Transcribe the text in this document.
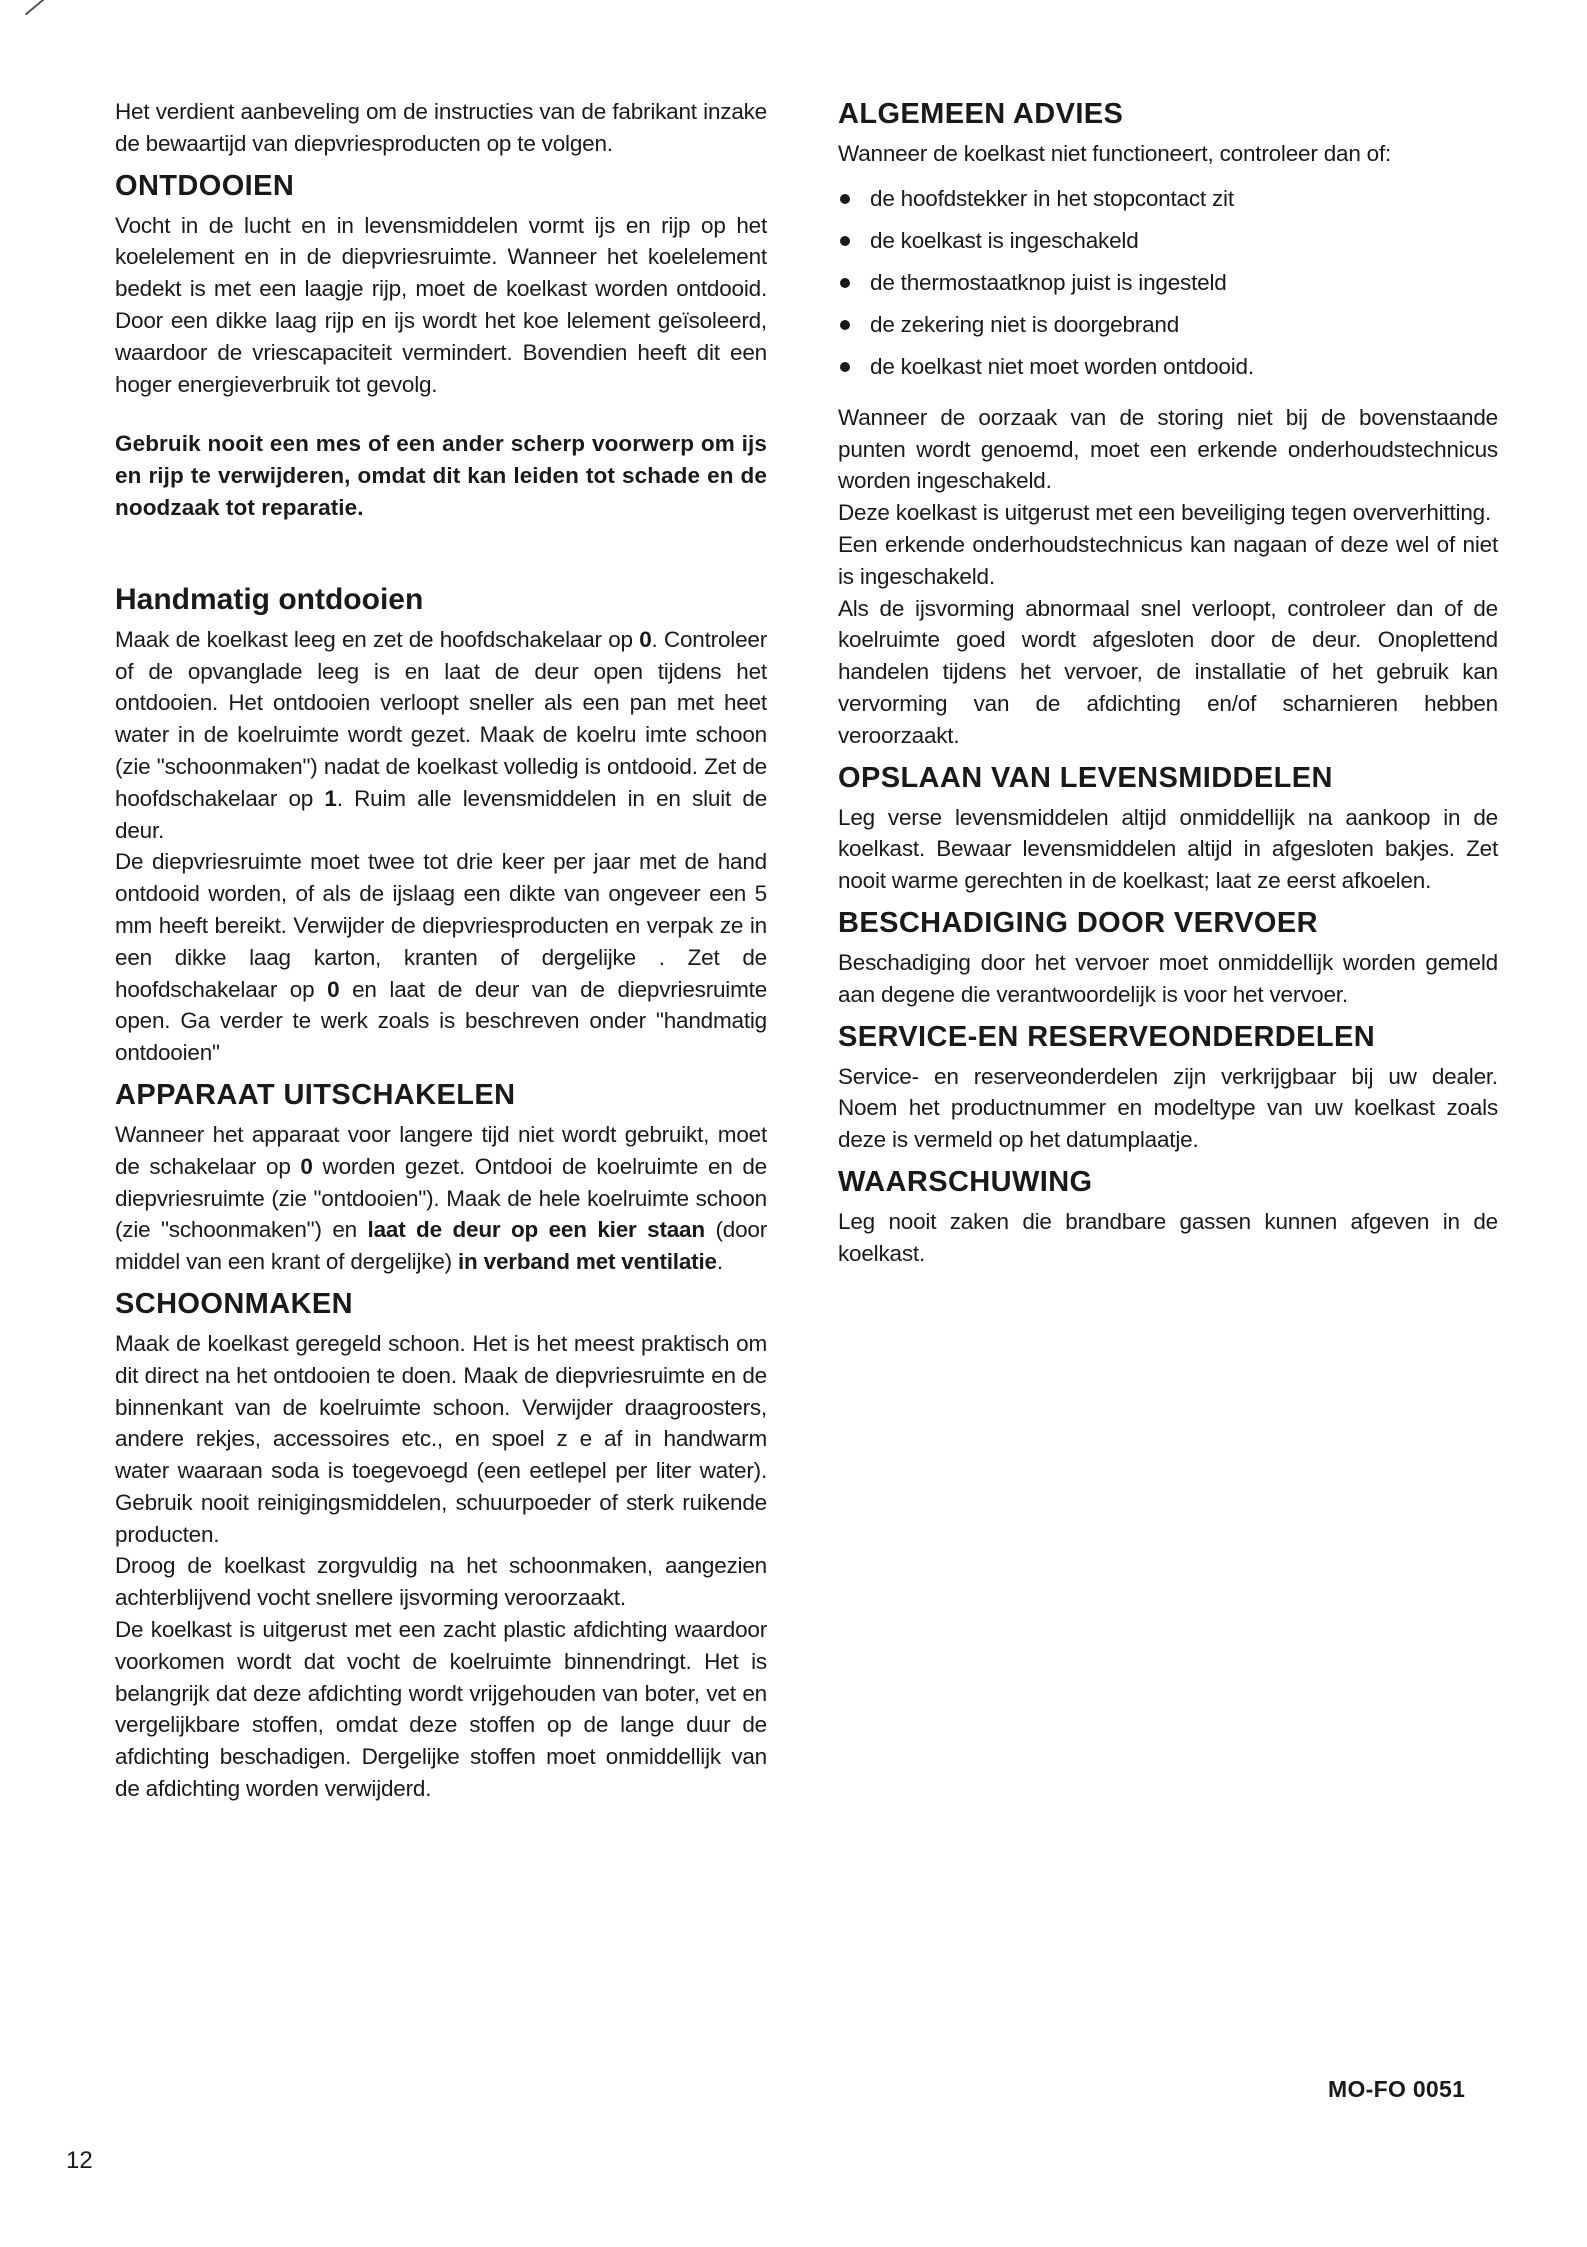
Het verdient aanbeveling om de instructies van de fabrikant inzake de bewaartijd van diepvriesproducten op te volgen.

ONTDOOIEN

Vocht in de lucht en in levensmiddelen vormt ijs en rijp op het koelelement en in de diepvriesruimte. Wanneer het koelelement bedekt is met een laagje rijp, moet de koelkast worden ontdooid. Door een dikke laag rijp en ijs wordt het koe lelement geïsoleerd, waardoor de vriescapaciteit vermindert. Bovendien heeft dit een hoger energieverbruik tot gevolg.

Gebruik nooit een mes of een ander scherp voorwerp om ijs en rijp te verwijderen, omdat dit kan leiden tot schade en de noodzaak tot reparatie.

Handmatig ontdooien

Maak de koelkast leeg en zet de hoofdschakelaar op 0. Controleer of de opvanglade leeg is en laat de deur open tijdens het ontdooien. Het ontdooien verloopt sneller als een pan met heet water in de koelruimte wordt gezet. Maak de koelru imte schoon (zie "schoonmaken") nadat de koelkast volledig is ontdooid. Zet de hoofdschakelaar op 1. Ruim alle levensmiddelen in en sluit de deur.

De diepvriesruimte moet twee tot drie keer per jaar met de hand ontdooid worden, of als de ijslaag een dikte van ongeveer een 5 mm heeft bereikt. Verwijder de diepvriesproducten en verpak ze in een dikke laag karton, kranten of dergelijke . Zet de hoofdschakelaar op 0 en laat de deur van de diepvriesruimte open. Ga verder te werk zoals is beschreven onder "handmatig ontdooien"

APPARAAT UITSCHAKELEN

Wanneer het apparaat voor langere tijd niet wordt gebruikt, moet de schakelaar op 0 worden gezet. Ontdooi de koelruimte en de diepvriesruimte (zie "ontdooien"). Maak de hele koelruimte schoon (zie "schoonmaken") en laat de deur op een kier staan (door middel van een krant of dergelijke) in verband met ventilatie.

SCHOONMAKEN

Maak de koelkast geregeld schoon. Het is het meest praktisch om dit direct na het ontdooien te doen. Maak de diepvriesruimte en de binnenkant van de koelruimte schoon. Verwijder draagroosters, andere rekjes, accessoires etc., en spoel z e af in handwarm water waaraan soda is toegevoegd (een eetlepel per liter water). Gebruik nooit reinigingsmiddelen, schuurpoeder of sterk ruikende producten.

Droog de koelkast zorgvuldig na het schoonmaken, aangezien achterblijvend vocht snellere ijsvorming veroorzaakt.

De koelkast is uitgerust met een zacht plastic afdichting waardoor voorkomen wordt dat vocht de koelruimte binnendringt. Het is belangrijk dat deze afdichting wordt vrijgehouden van boter, vet en vergelijkbare stoffen, omdat deze stoffen op de lange duur de afdichting beschadigen. Dergelijke stoffen moet onmiddellijk van de afdichting worden verwijderd.

ALGEMEEN ADVIES

Wanneer de koelkast niet functioneert, controleer dan of:

de hoofdstekker in het stopcontact zit
de koelkast is ingeschakeld
de thermostaatknop juist is ingesteld
de zekering niet is doorgebrand
de koelkast niet moet worden ontdooid.

Wanneer de oorzaak van de storing niet bij de bovenstaande punten wordt genoemd, moet een erkende onderhoudstechnicus worden ingeschakeld.

Deze koelkast is uitgerust met een beveiliging tegen oververhitting.

Een erkende onderhoudstechnicus kan nagaan of deze wel of niet is ingeschakeld.

Als de ijsvorming abnormaal snel verloopt, controleer dan of de koelruimte goed wordt afgesloten door de deur. Onoplettend handelen tijdens het vervoer, de installatie of het gebruik kan vervorming van de afdichting en/of scharnieren hebben veroorzaakt.

OPSLAAN VAN LEVENSMIDDELEN

Leg verse levensmiddelen altijd onmiddellijk na aankoop in de koelkast. Bewaar levensmiddelen altijd in afgesloten bakjes. Zet nooit warme gerechten in de koelkast; laat ze eerst afkoelen.

BESCHADIGING DOOR VERVOER

Beschadiging door het vervoer moet onmiddellijk worden gemeld aan degene die verantwoordelijk is voor het vervoer.

SERVICE-EN RESERVEONDERDELEN

Service- en reserveonderdelen zijn verkrijgbaar bij uw dealer. Noem het productnummer en modeltype van uw koelkast zoals deze is vermeld op het datumplaatje.

WAARSCHUWING

Leg nooit zaken die brandbare gassen kunnen afgeven in de koelkast.

MO-FO 0051
12
